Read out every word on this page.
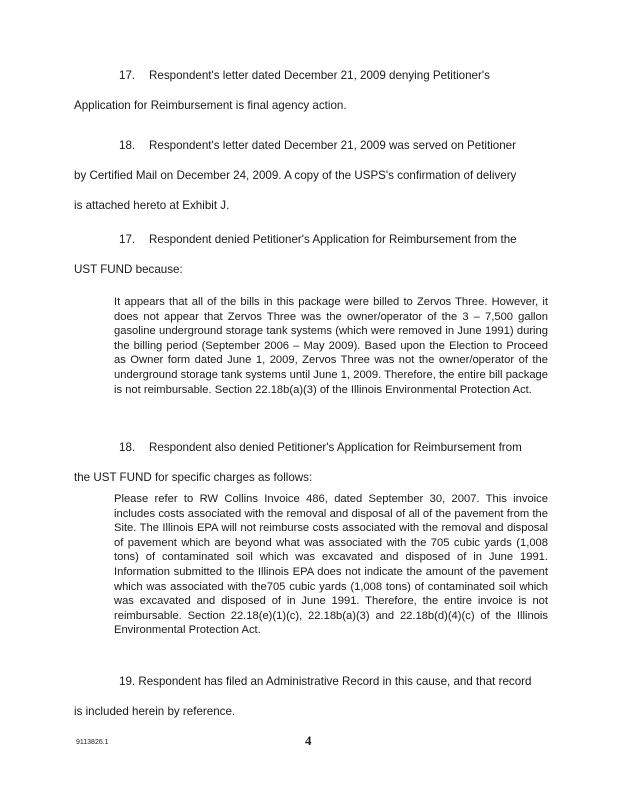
17. Respondent's letter dated December 21, 2009 denying Petitioner's
Application for Reimbursement is final agency action.
18. Respondent's letter dated December 21, 2009 was served on Petitioner
by Certified Mail on December 24, 2009. A copy of the USPS's confirmation of delivery
is attached hereto at Exhibit J.
17. Respondent denied Petitioner's Application for Reimbursement from the
UST FUND because:

It appears that all of the bills in this package were billed to Zervos Three. However, it does not appear that Zervos Three was the owner/operator of the 3 – 7,500 gallon gasoline underground storage tank systems (which were removed in June 1991) during the billing period (September 2006 – May 2009). Based upon the Election to Proceed as Owner form dated June 1, 2009, Zervos Three was not the owner/operator of the underground storage tank systems until June 1, 2009. Therefore, the entire bill package is not reimbursable. Section 22.18b(a)(3) of the Illinois Environmental Protection Act.

18. Respondent also denied Petitioner's Application for Reimbursement from
the UST FUND for specific charges as follows:

Please refer to RW Collins Invoice 486, dated September 30, 2007. This invoice includes costs associated with the removal and disposal of all of the pavement from the Site. The Illinois EPA will not reimburse costs associated with the removal and disposal of pavement which are beyond what was associated with the 705 cubic yards (1,008 tons) of contaminated soil which was excavated and disposed of in June 1991. Information submitted to the Illinois EPA does not indicate the amount of the pavement which was associated with the705 cubic yards (1,008 tons) of contaminated soil which was excavated and disposed of in June 1991. Therefore, the entire invoice is not reimbursable. Section 22.18(e)(1)(c), 22.18b(a)(3) and 22.18b(d)(4)(c) of the Illinois Environmental Protection Act.

19. Respondent has filed an Administrative Record in this cause, and that record
is included herein by reference.
9113826.1	4
